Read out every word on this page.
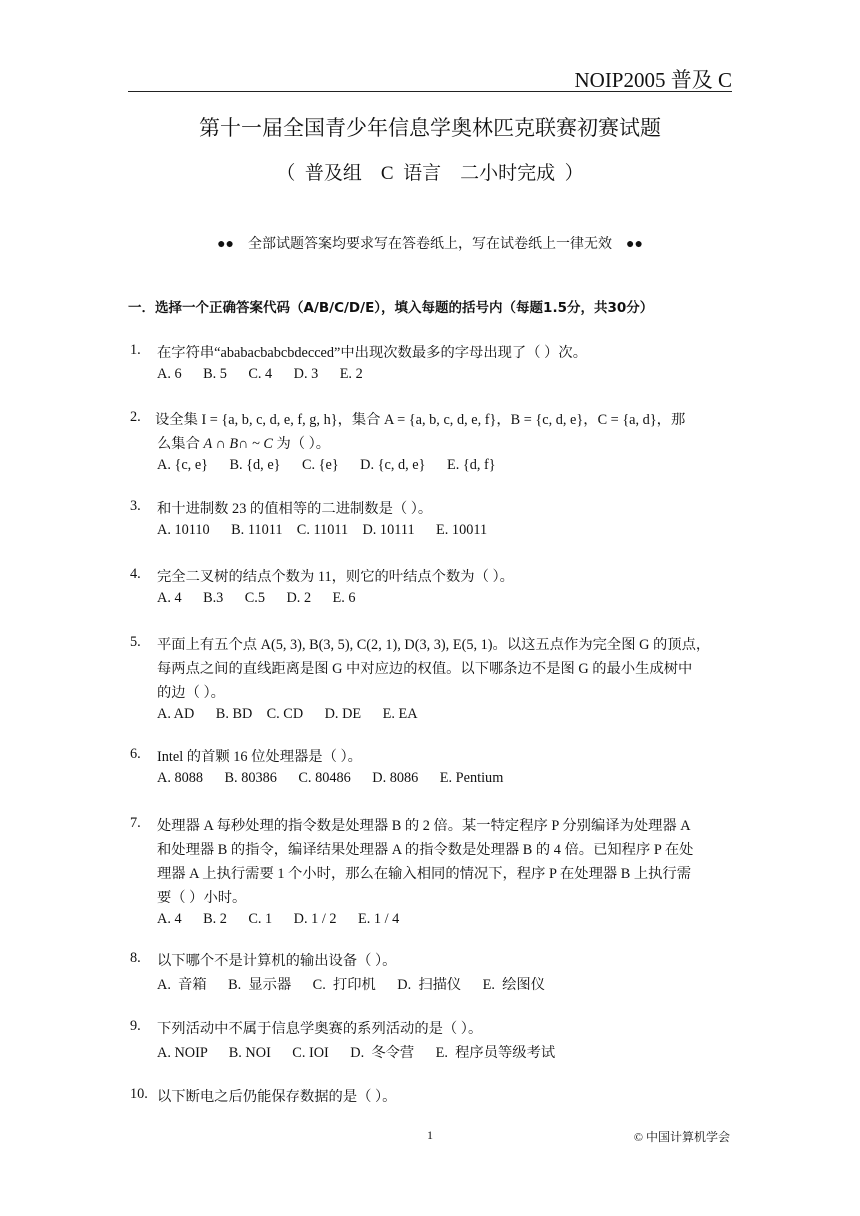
NOIP2005 普及 C
第十一届全国青少年信息学奥林匹克联赛初赛试题
（  普及组    C  语言    二小时完成  ）
●●    全部试题答案均要求写在答卷纸上，写在试卷纸上一律无效    ●●
一．选择一个正确答案代码（A/B/C/D/E），填入每题的括号内（每题1.5分，共30分）
1. 在字符串“ababacbabcbdecced”中出现次数最多的字母出现了（ ）次。
A. 6      B. 5      C. 4      D. 3      E. 2
2. 设全集 I = {a, b, c, d, e, f, g, h}，集合 A = {a, b, c, d, e, f}，B = {c, d, e}，C = {a, d}，那
么集合 A ∩ B∩ ~ C 为（ ）。
A. {c, e}      B. {d, e}      C. {e}      D. {c, d, e}      E. {d, f}
3. 和十进制数 23 的值相等的二进制数是（ ）。
A. 10110      B. 11011    C. 11011    D. 10111      E. 10011
4. 完全二叉树的结点个数为 11，则它的叶结点个数为（ ）。
A. 4      B.3      C.5      D. 2      E. 6
5. 平面上有五个点 A(5, 3), B(3, 5), C(2, 1), D(3, 3), E(5, 1)。以这五点作为完全图 G 的顶点，
每两点之间的直线距离是图 G 中对应边的权值。以下哪条边不是图 G 的最小生成树中
的边（ ）。
A. AD      B. BD    C. CD      D. DE      E. EA
6. Intel 的首颗 16 位处理器是（ ）。
A. 8088      B. 80386      C. 80486      D. 8086      E. Pentium
7. 处理器 A 每秒处理的指令数是处理器 B 的 2 倍。某一特定程序 P 分别编译为处理器 A
和处理器 B 的指令，编译结果处理器 A 的指令数是处理器 B 的 4 倍。已知程序 P 在处
理器 A 上执行需要 1 个小时，那么在输入相同的情况下，程序 P 在处理器 B 上执行需
要（ ）小时。
A. 4      B. 2      C. 1      D. 1 / 2      E. 1 / 4
8. 以下哪个不是计算机的输出设备（ ）。
A.  音箱      B.  显示器      C.  打印机      D.  扫描仪      E.  绘图仪
9. 下列活动中不属于信息学奥赛的系列活动的是（ ）。
A. NOIP      B. NOI      C. IOI      D.  冬令营      E.  程序员等级考试
10. 以下断电之后仍能保存数据的是（ ）。
1	© 中国计算机学会
